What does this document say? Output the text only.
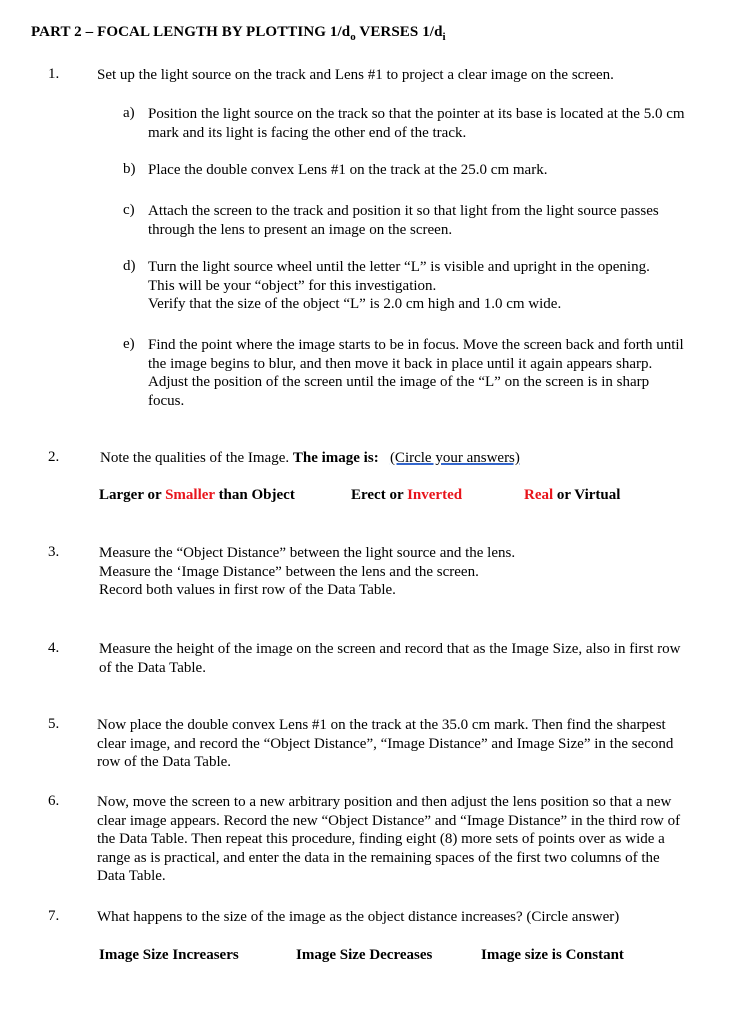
PART 2 – FOCAL LENGTH BY PLOTTING $1/d_o$ VERSES $1/d_i$
1.	Set up the light source on the track and Lens #1 to project a clear image on the screen.
a) Position the light source on the track so that the pointer at its base is located at the 5.0 cm mark and its light is facing the other end of the track.
b) Place the double convex Lens #1 on the track at the 25.0 cm mark.
c) Attach the screen to the track and position it so that light from the light source passes through the lens to present an image on the screen.
d) Turn the light source wheel until the letter “L” is visible and upright in the opening. This will be your “object” for this investigation.
Verify that the size of the object “L” is 2.0 cm high and 1.0 cm wide.
e) Find the point where the image starts to be in focus. Move the screen back and forth until the image begins to blur, and then move it back in place until it again appears sharp. Adjust the position of the screen until the image of the “L” on the screen is in sharp focus.
2.	Note the qualities of the Image. The image is: (Circle your answers)
Larger or Smaller than Object	Erect or Inverted	Real or Virtual
3.	Measure the “Object Distance” between the light source and the lens.
Measure the ‘Image Distance” between the lens and the screen.
Record both values in first row of the Data Table.
4.	Measure the height of the image on the screen and record that as the Image Size, also in first row of the Data Table.
5.	Now place the double convex Lens #1 on the track at the 35.0 cm mark. Then find the sharpest clear image, and record the “Object Distance”, “Image Distance” and Image Size” in the second row of the Data Table.
6.	Now, move the screen to a new arbitrary position and then adjust the lens position so that a new clear image appears. Record the new “Object Distance” and “Image Distance” in the third row of the Data Table. Then repeat this procedure, finding eight (8) more sets of points over as wide a range as is practical, and enter the data in the remaining spaces of the first two columns of the Data Table.
7.	What happens to the size of the image as the object distance increases? (Circle answer)
Image Size Increasers	Image Size Decreases	Image size is Constant
